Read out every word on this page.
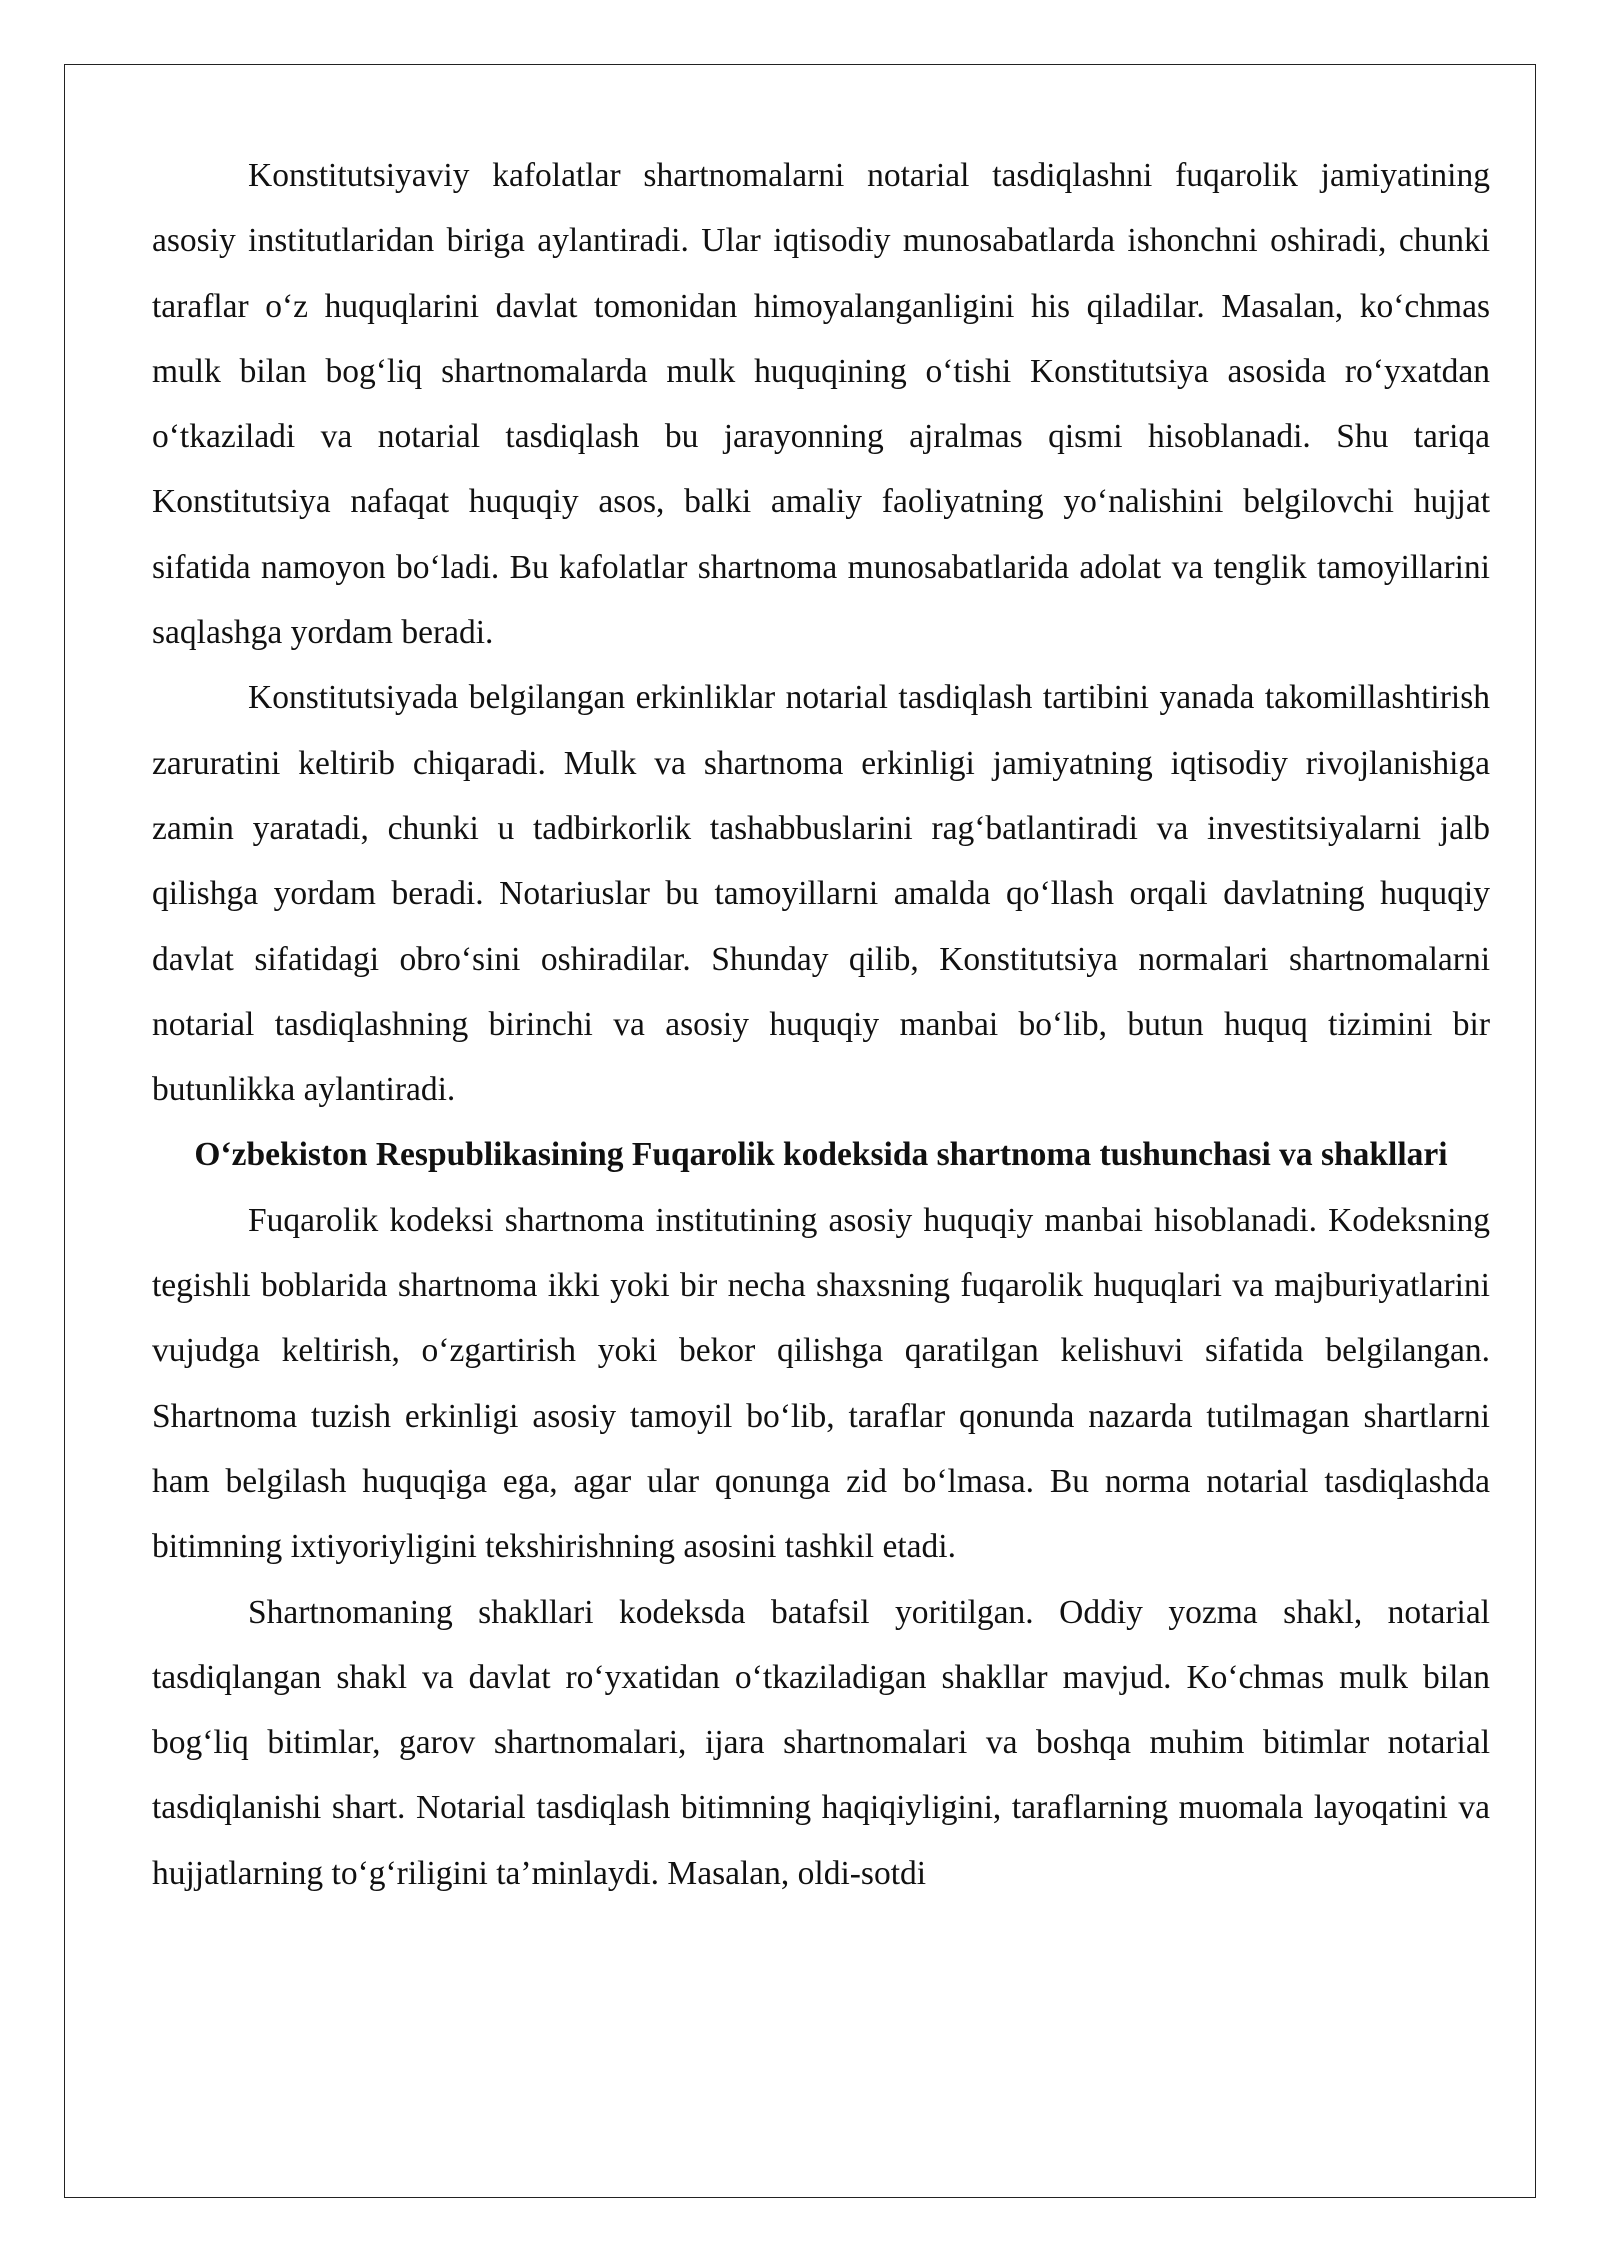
Konstitutsiyaviy kafolatlar shartnomalarni notarial tasdiqlashni fuqarolik jamiyatining asosiy institutlaridan biriga aylantiradi. Ular iqtisodiy munosabatlarda ishonchni oshiradi, chunki taraflar o‘z huquqlarini davlat tomonidan himoyalanganligini his qiladilar. Masalan, ko‘chmas mulk bilan bog‘liq shartnomalarda mulk huquqining o‘tishi Konstitutsiya asosida ro‘yxatdan o‘tkaziladi va notarial tasdiqlash bu jarayonning ajralmas qismi hisoblanadi. Shu tariqa Konstitutsiya nafaqat huquqiy asos, balki amaliy faoliyatning yo‘nalishini belgilovchi hujjat sifatida namoyon bo‘ladi. Bu kafolatlar shartnoma munosabatlarida adolat va tenglik tamoyillarini saqlashga yordam beradi.

Konstitutsiyada belgilangan erkinliklar notarial tasdiqlash tartibini yanada takomillashtirish zaruratini keltirib chiqaradi. Mulk va shartnoma erkinligi jamiyatning iqtisodiy rivojlanishiga zamin yaratadi, chunki u tadbirkorlik tashabbuslarini rag‘batlantiradi va investitsiyalarni jalb qilishga yordam beradi. Notariuslar bu tamoyillarni amalda qo‘llash orqali davlatning huquqiy davlat sifatidagi obro‘sini oshiradilar. Shunday qilib, Konstitutsiya normalari shartnomalarni notarial tasdiqlashning birinchi va asosiy huquqiy manbai bo‘lib, butun huquq tizimini bir butunlikka aylantiradi.

O‘zbekiston Respublikasining Fuqarolik kodeksida shartnoma tushunchasi va shakllari

Fuqarolik kodeksi shartnoma institutining asosiy huquqiy manbai hisoblanadi. Kodeksning tegishli boblarida shartnoma ikki yoki bir necha shaxsning fuqarolik huquqlari va majburiyatlarini vujudga keltirish, o‘zgartirish yoki bekor qilishga qaratilgan kelishuvi sifatida belgilangan. Shartnoma tuzish erkinligi asosiy tamoyil bo‘lib, taraflar qonunda nazarda tutilmagan shartlarni ham belgilash huquqiga ega, agar ular qonunga zid bo‘lmasa. Bu norma notarial tasdiqlashda bitimning ixtiyoriyligini tekshirishning asosini tashkil etadi.

Shartnomaning shakllari kodeksda batafsil yoritilgan. Oddiy yozma shakl, notarial tasdiqlangan shakl va davlat ro‘yxatidan o‘tkaziladigan shakllar mavjud. Ko‘chmas mulk bilan bog‘liq bitimlar, garov shartnomalari, ijara shartnomalari va boshqa muhim bitimlar notarial tasdiqlanishi shart. Notarial tasdiqlash bitimning haqiqiyligini, taraflarning muomala layoqatini va hujjatlarning to‘g‘riligini ta’minlaydi. Masalan, oldi-sotdi
